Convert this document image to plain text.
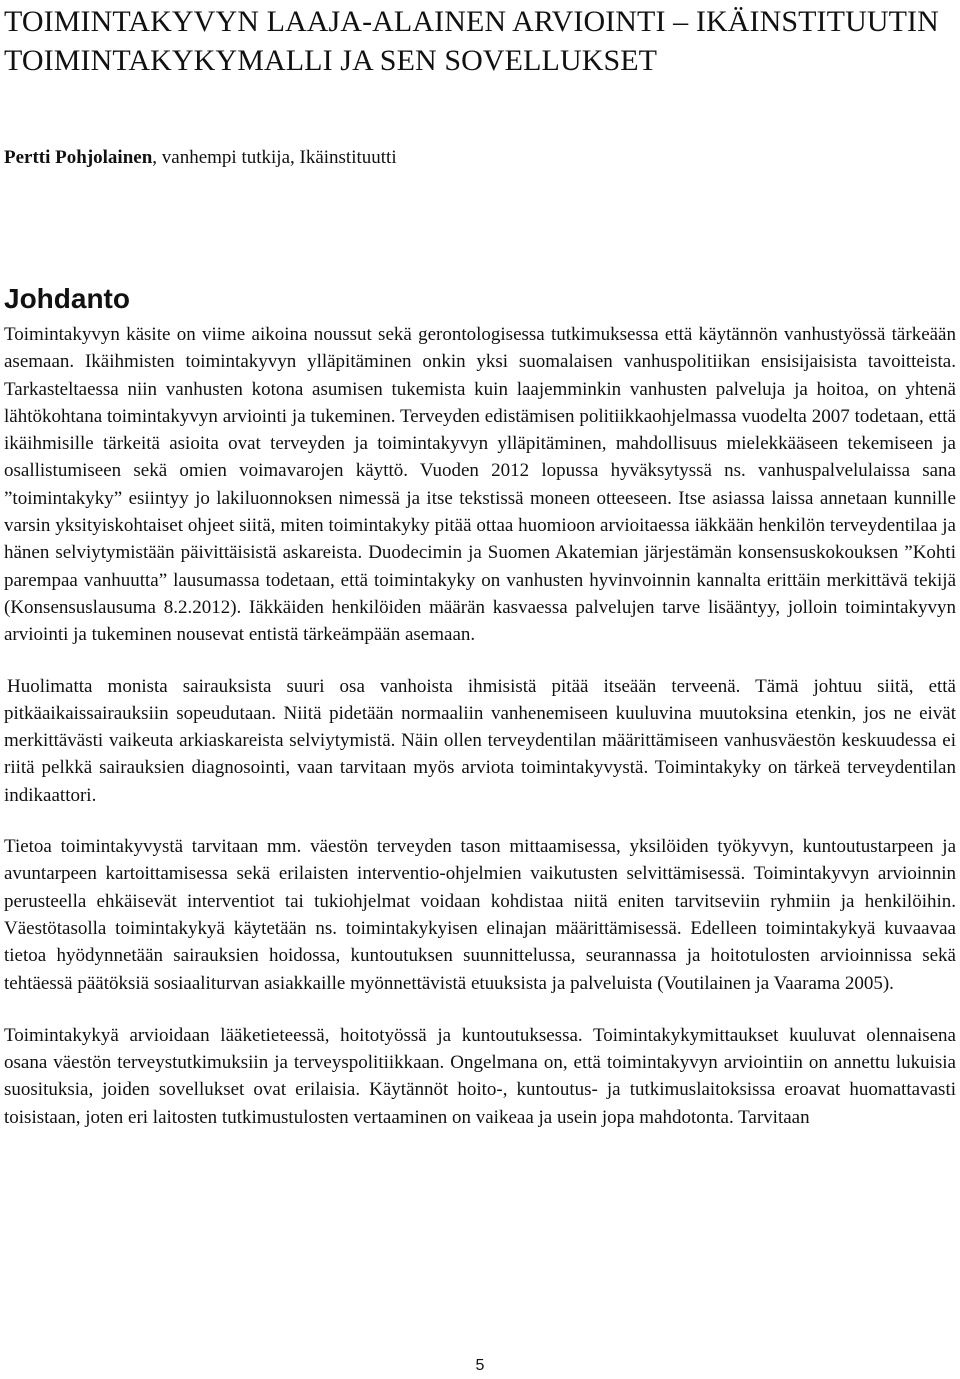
TOIMINTAKYVYN LAAJA-ALAINEN ARVIOINTI – IKÄINSTITUUTIN TOIMINTAKYKYMALLI JA SEN SOVELLUKSET

Pertti Pohjolainen, vanhempi tutkija, Ikäinstituutti

Johdanto

Toimintakyvyn käsite on viime aikoina noussut sekä gerontologisessa tutkimuksessa että käytännön vanhustyössä tärkeään asemaan. Ikäihmisten toimintakyvyn ylläpitäminen onkin yksi suomalaisen vanhuspolitiikan ensisijaisista tavoitteista. Tarkasteltaessa niin vanhusten kotona asumisen tukemista kuin laajemminkin vanhusten palveluja ja hoitoa, on yhtenä lähtökohtana toimintakyvyn arviointi ja tukeminen. Terveyden edistämisen politiikkaohjelmassa vuodelta 2007 todetaan, että ikäihmisille tärkeitä asioita ovat terveyden ja toimintakyvyn ylläpitäminen, mahdollisuus mielekkääseen tekemiseen ja osallistumiseen sekä omien voimavarojen käyttö. Vuoden 2012 lopussa hyväksytyssä ns. vanhuspalvelulaissa sana ”toimintakyky” esiintyy jo lakiluonnoksen nimessä ja itse tekstissä moneen otteeseen. Itse asiassa laissa annetaan kunnille varsin yksityiskohtaiset ohjeet siitä, miten toimintakyky pitää ottaa huomioon arvioitaessa iäkkään henkilön terveydentilaa ja hänen selviytymistään päivittäisistä askareista. Duodecimin ja Suomen Akatemian järjestämän konsensuskokouksen ”Kohti parempaa vanhuutta” lausumassa todetaan, että toimintakyky on vanhusten hyvinvoinnin kannalta erittäin merkittävä tekijä (Konsensuslausuma 8.2.2012). Iäkkäiden henkilöiden määrän kasvaessa palvelujen tarve lisääntyy, jolloin toimintakyvyn arviointi ja tukeminen nousevat entistä tärkeämpään asemaan.

Huolimatta monista sairauksista suuri osa vanhoista ihmisistä pitää itseään terveenä. Tämä johtuu siitä, että pitkäaikaissairauksiin sopeudutaan. Niitä pidetään normaaliin vanhenemiseen kuuluvina muutoksina etenkin, jos ne eivät merkittävästi vaikeuta arkiaskareista selviytymistä. Näin ollen terveydentilan määrittämiseen vanhusväestön keskuudessa ei riitä pelkkä sairauksien diagnosointi, vaan tarvitaan myös arviota toimintakyvystä. Toimintakyky on tärkeä terveydentilan indikaattori.

Tietoa toimintakyvystä tarvitaan mm. väestön terveyden tason mittaamisessa, yksilöiden työkyvyn, kuntoutustarpeen ja avuntarpeen kartoittamisessa sekä erilaisten interventio-ohjelmien vaikutusten selvittämisessä. Toimintakyvyn arvioinnin perusteella ehkäisevät interventiot tai tukiohjelmat voidaan kohdistaa niitä eniten tarvitseviin ryhmiin ja henkilöihin. Väestötasolla toimintakykyä käytetään ns. toimintakykyisen elinajan määrittämisessä. Edelleen toimintakykyä kuvaavaa tietoa hyödynnetään sairauksien hoidossa, kuntoutuksen suunnittelussa, seurannassa ja hoitotulosten arvioinnissa sekä tehtäessä päätöksiä sosiaaliturvan asiakkaille myönnettävistä etuuksista ja palveluista (Voutilainen ja Vaarama 2005).

Toimintakykyä arvioidaan lääketieteessä, hoitotyössä ja kuntoutuksessa. Toimintakykymittaukset kuuluvat olennaisena osana väestön terveystutkimuksiin ja terveyspolitiikkaan. Ongelmana on, että toimintakyvyn arviointiin on annettu lukuisia suosituksia, joiden sovellukset ovat erilaisia. Käytännöt hoito-, kuntoutus- ja tutkimuslaitoksissa eroavat huomattavasti toisistaan, joten eri laitosten tutkimustulosten vertaaminen on vaikeaa ja usein jopa mahdotonta. Tarvitaan

5
